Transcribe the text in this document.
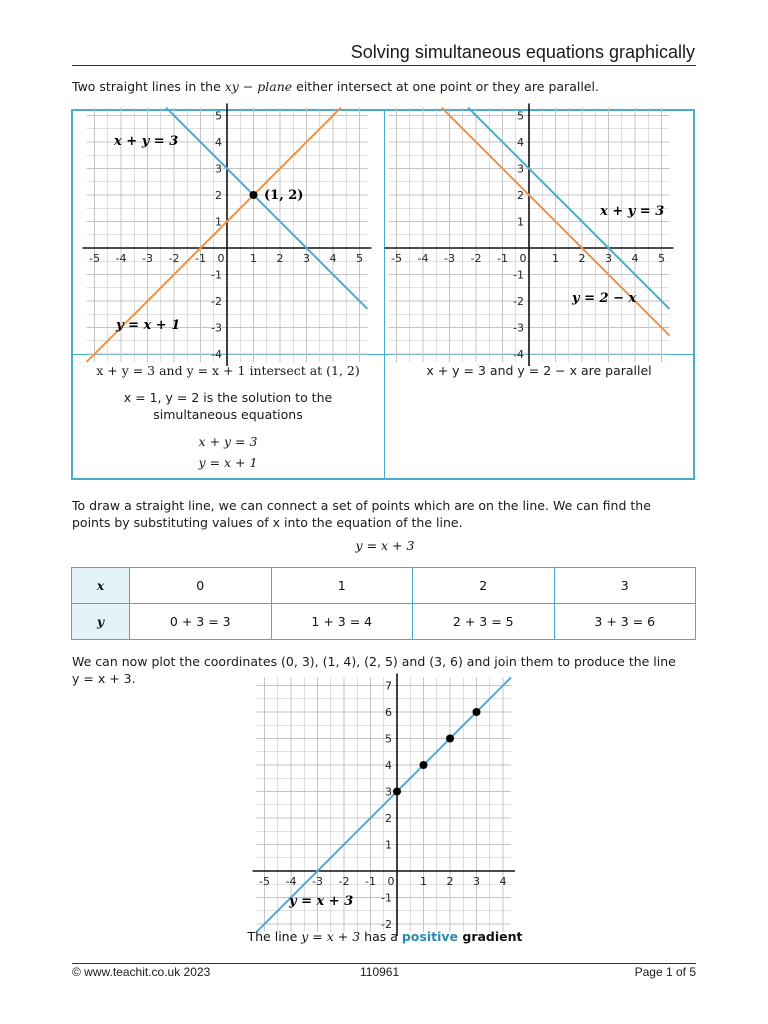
Solving simultaneous equations graphically
Two straight lines in the xy − plane either intersect at one point or they are parallel.
-5 -4 -3 -2 -1 0 1 2 3 4 5
-4
-3
-2
-1
1
2
3
4
5
x + y = 3
y = x + 1
(1, 2)
-5 -4 -3 -2 -1 0 1 2 3 4 5
-4
-3
-2
-1
1
2
3
4
5
x + y = 3
y = 2 − x
x + y = 3 and y = x + 1 intersect at (1, 2)
x = 1, y = 2 is the solution to the
simultaneous equations
x + y = 3
y = x + 1
x + y = 3 and y = 2 − x are parallel
To draw a straight line, we can connect a set of points which are on the line. We can find the
points by substituting values of x into the equation of the line.
y = x + 3
x	0	1	2	3
y	0 + 3 = 3	1 + 3 = 4	2 + 3 = 5	3 + 3 = 6
We can now plot the coordinates (0, 3), (1, 4), (2, 5) and (3, 6) and join them to produce the line
y = x + 3.
-5 -4 -3 -2 -1 0 1 2 3 4
-2
-1
1
2
3
4
5
6
7
y = x + 3
The line y = x + 3 has a positive gradient
© www.teachit.co.uk 2023	110961	Page 1 of 5
